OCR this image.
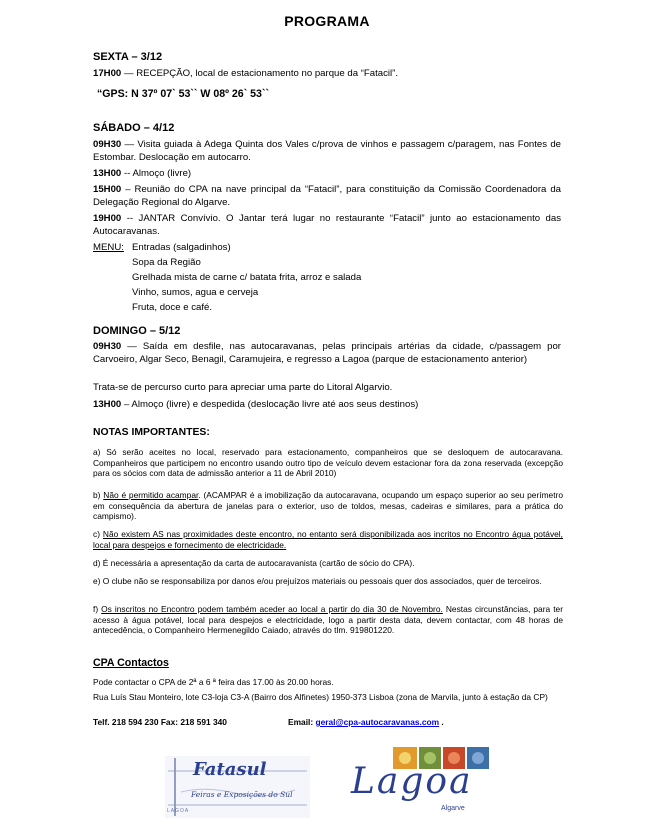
PROGRAMA
SEXTA – 3/12
17H00 — RECEPÇÃO, local de estacionamento no parque da “Fatacil”.
“GPS: N 37º 07` 53`` W 08º 26` 53``
SÁBADO – 4/12
09H30 — Visita guiada à Adega Quinta dos Vales c/prova de vinhos e passagem c/paragem, nas Fontes de Estombar. Deslocação em autocarro.
13H00 -- Almoço (livre)
15H00 – Reunião do CPA na nave principal da “Fatacil”, para constituição da Comissão Coordenadora da Delegação Regional do Algarve.
19H00 -- JANTAR Convívio. O Jantar terá lugar no restaurante “Fatacil” junto ao estacionamento das Autocaravanas.
MENU: Entradas (salgadinhos)
Sopa da Região
Grelhada mista de carne c/ batata frita, arroz e salada
Vinho, sumos, agua e cerveja
Fruta, doce e café.
DOMINGO – 5/12
09H30 — Saída em desfile, nas autocaravanas, pelas principais artérias da cidade, c/passagem por Carvoeiro, Algar Seco, Benagil, Caramujeira, e regresso a Lagoa (parque de estacionamento anterior)
Trata-se de percurso curto para apreciar uma parte do Litoral Algarvio.
13H00 – Almoço (livre) e despedida (deslocação livre até aos seus destinos)
NOTAS IMPORTANTES:
a) Só serão aceites no local, reservado para estacionamento, companheiros que se desloquem de autocaravana. Companheiros que participem no encontro usando outro tipo de veículo devem estacionar fora da zona reservada (excepção para os sócios com data de admissão anterior a 11 de Abril 2010)
b) Não é permitido acampar. (ACAMPAR é a imobilização da autocaravana, ocupando um espaço superior ao seu perímetro em consequência da abertura de janelas para o exterior, uso de toldos, mesas, cadeiras e similares, para a prática do campismo).
c) Não existem AS nas proximidades deste encontro, no entanto será disponibilizada aos incritos no Encontro água potável, local para despejos e fornecimento de electricidade.
d) É necessária a apresentação da carta de autocaravanista (cartão de sócio do CPA).
e) O clube não se responsabiliza por danos e/ou prejuízos materiais ou pessoais quer dos associados, quer de terceiros.
f) Os inscritos no Encontro podem também aceder ao local a partir do dia 30 de Novembro. Nestas circunstâncias, para ter acesso à água potável, local para despejos e electricidade, logo a partir desta data, devem contactar, com 48 horas de antecedência, o Companheiro Hermenegildo Caiado, através do tlm. 919801220.
CPA Contactos
Pode contactar o CPA de 2ª a 6 ª feira das 17.00 às 20.00 horas.
Rua Luís Stau Monteiro, lote C3-loja C3-A (Bairro dos Alfinetes) 1950-373 Lisboa (zona de Marvila, junto à estação da CP)
Telf. 218 594 230 Fax: 218 591 340	Email: geral@cpa-autocaravanas.com .
Fatasul
Feiras e Exposições do Sul
LAGOA
Lagoa
Algarve
